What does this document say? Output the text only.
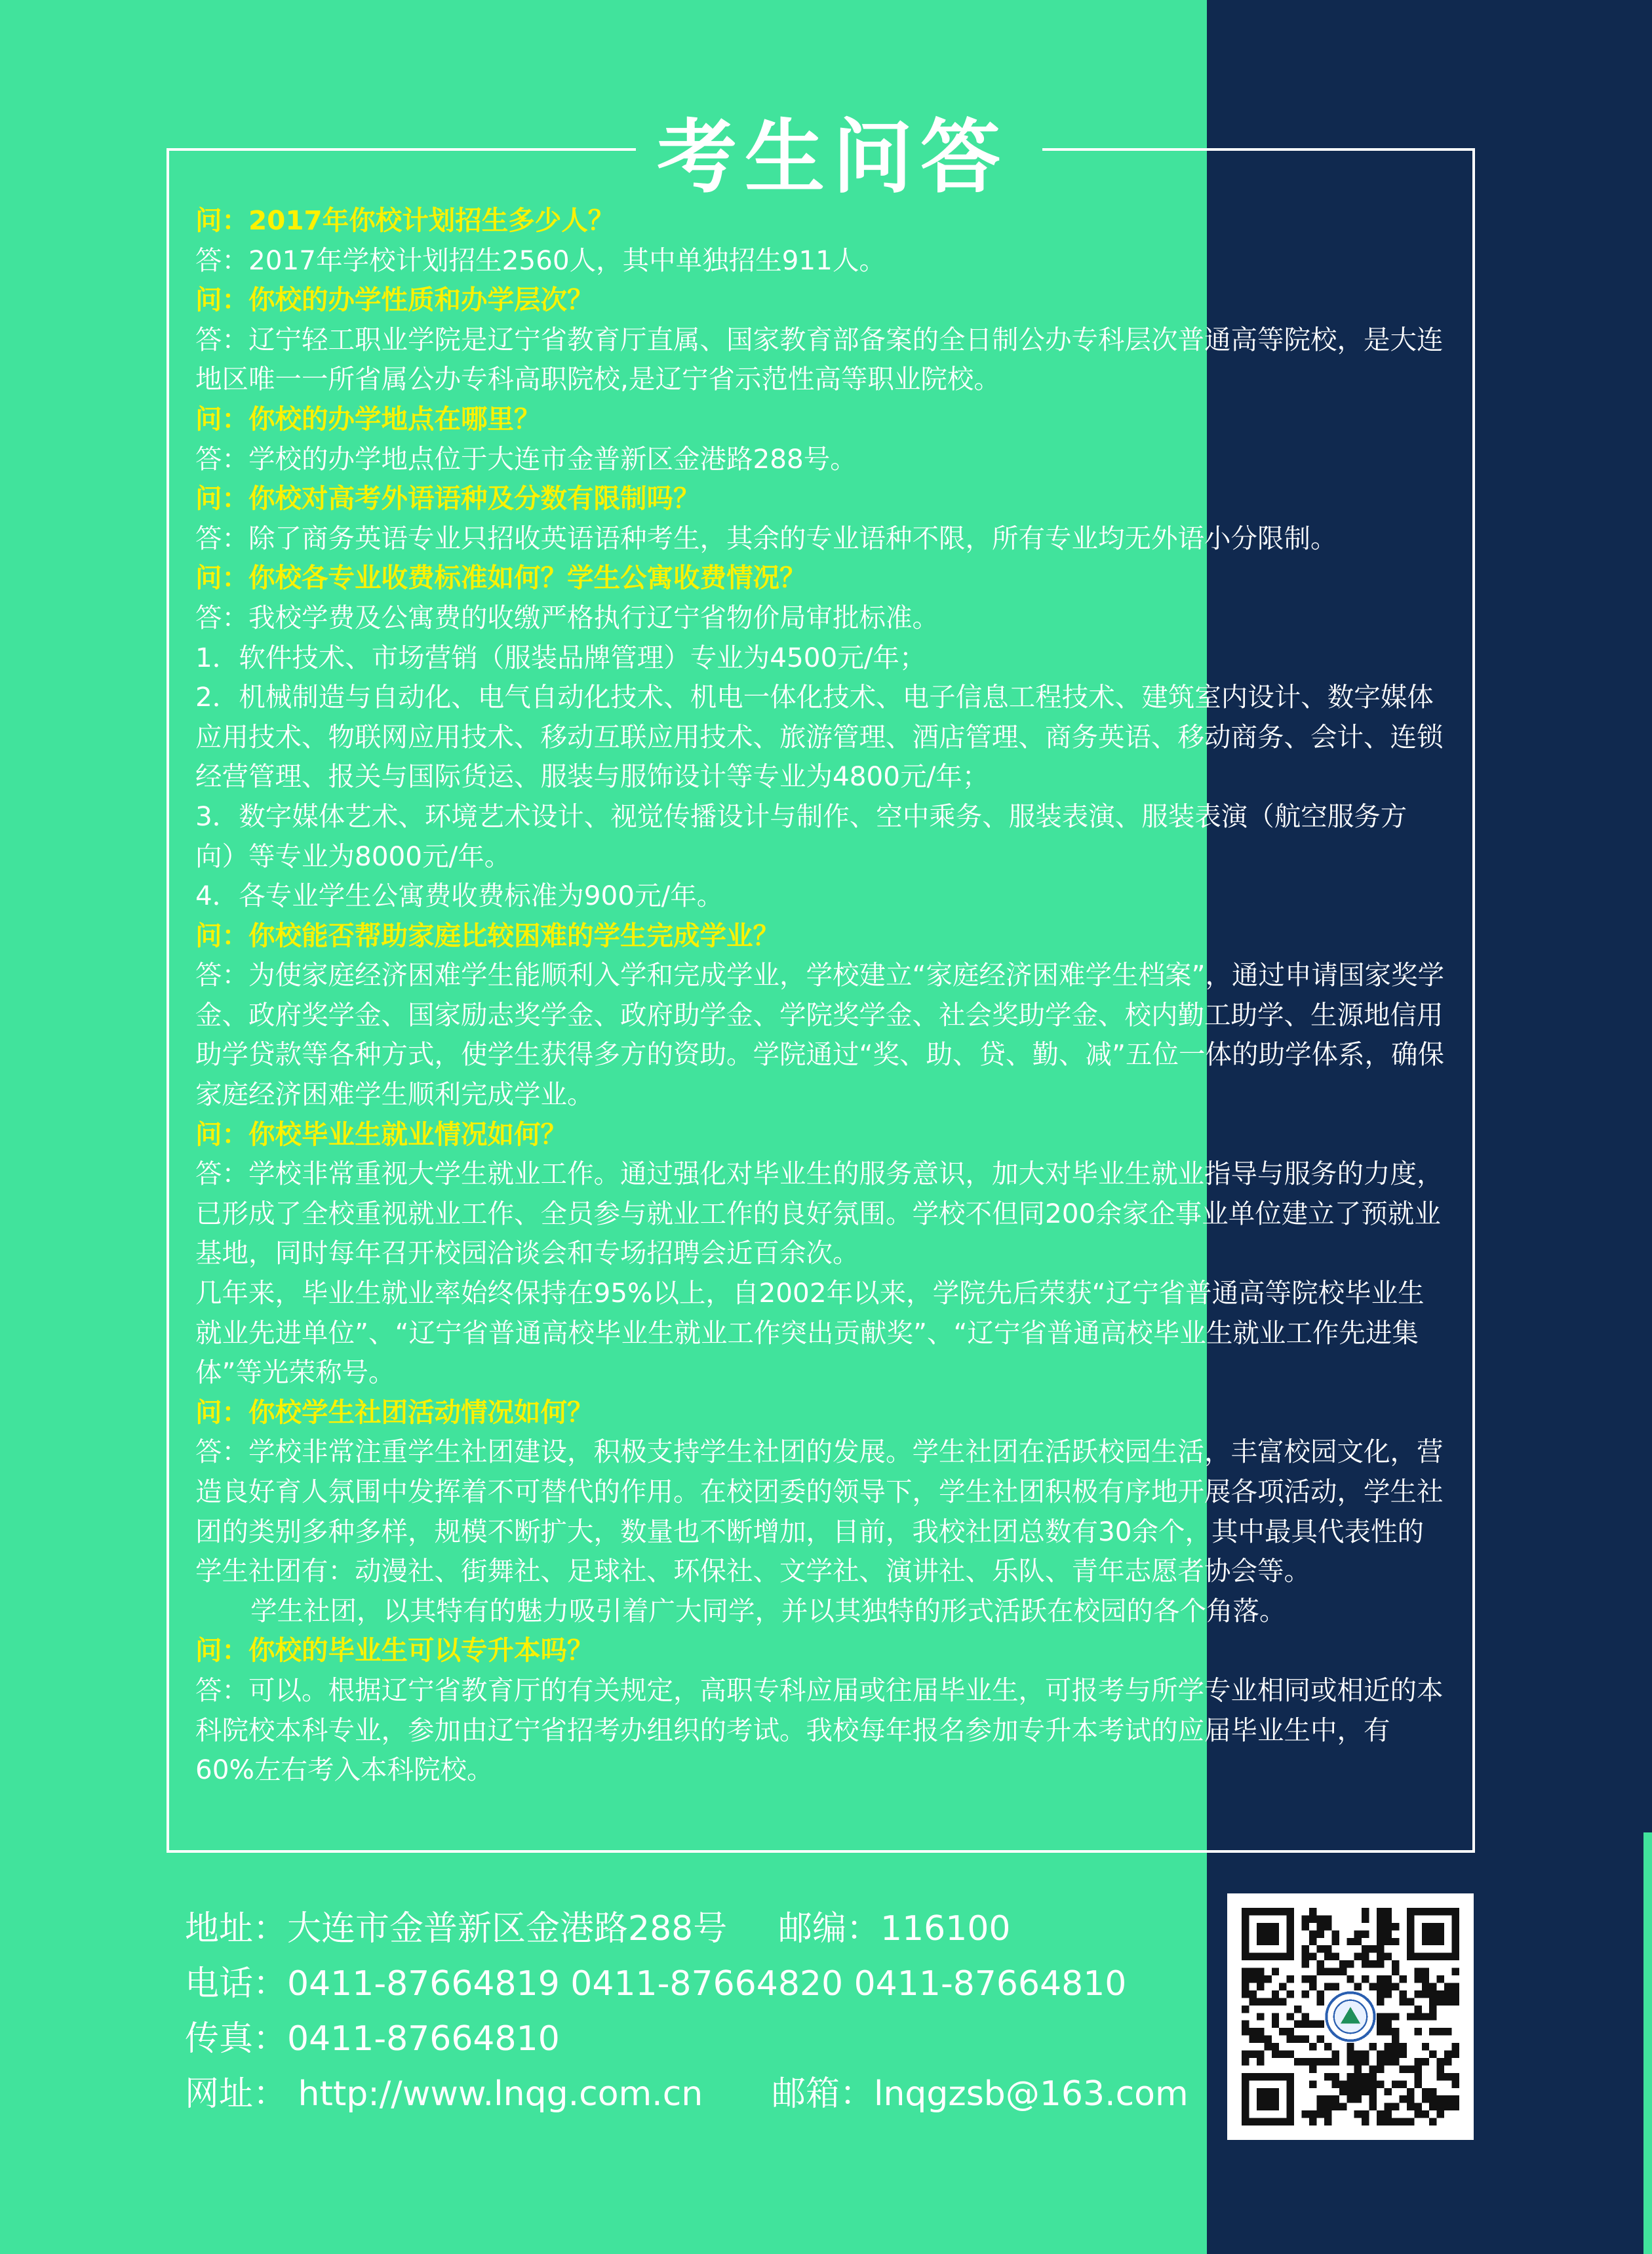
考生问答

问：2017年你校计划招生多少人？

答：2017年学校计划招生2560人，其中单独招生911人。

问：你校的办学性质和办学层次？

答：辽宁轻工职业学院是辽宁省教育厅直属、国家教育部备案的全日制公办专科层次普通高等院校，是大连地区唯一一所省属公办专科高职院校,是辽宁省示范性高等职业院校。

问：你校的办学地点在哪里？

答：学校的办学地点位于大连市金普新区金港路288号。

问：你校对高考外语语种及分数有限制吗？

答：除了商务英语专业只招收英语语种考生，其余的专业语种不限，所有专业均无外语小分限制。

问：你校各专业收费标准如何？学生公寓收费情况？

答：我校学费及公寓费的收缴严格执行辽宁省物价局审批标准。

1．软件技术、市场营销（服装品牌管理）专业为4500元/年；

2．机械制造与自动化、电气自动化技术、机电一体化技术、电子信息工程技术、建筑室内设计、数字媒体应用技术、物联网应用技术、移动互联应用技术、旅游管理、酒店管理、商务英语、移动商务、会计、连锁经营管理、报关与国际货运、服装与服饰设计等专业为4800元/年；

3．数字媒体艺术、环境艺术设计、视觉传播设计与制作、空中乘务、服装表演、服装表演（航空服务方向）等专业为8000元/年。

4．各专业学生公寓费收费标准为900元/年。

问：你校能否帮助家庭比较困难的学生完成学业？

答：为使家庭经济困难学生能顺利入学和完成学业，学校建立“家庭经济困难学生档案”，通过申请国家奖学金、政府奖学金、国家励志奖学金、政府助学金、学院奖学金、社会奖助学金、校内勤工助学、生源地信用助学贷款等各种方式，使学生获得多方的资助。学院通过“奖、助、贷、勤、减”五位一体的助学体系，确保家庭经济困难学生顺利完成学业。

问：你校毕业生就业情况如何？

答：学校非常重视大学生就业工作。通过强化对毕业生的服务意识，加大对毕业生就业指导与服务的力度，已形成了全校重视就业工作、全员参与就业工作的良好氛围。学校不但同200余家企事业单位建立了预就业基地，同时每年召开校园洽谈会和专场招聘会近百余次。

几年来，毕业生就业率始终保持在95%以上，自2002年以来，学院先后荣获“辽宁省普通高等院校毕业生就业先进单位”、“辽宁省普通高校毕业生就业工作突出贡献奖”、“辽宁省普通高校毕业生就业工作先进集体”等光荣称号。

问：你校学生社团活动情况如何？

答：学校非常注重学生社团建设，积极支持学生社团的发展。学生社团在活跃校园生活，丰富校园文化，营造良好育人氛围中发挥着不可替代的作用。在校团委的领导下，学生社团积极有序地开展各项活动，学生社团的类别多种多样，规模不断扩大，数量也不断增加，目前，我校社团总数有30余个，其中最具代表性的学生社团有：动漫社、街舞社、足球社、环保社、文学社、演讲社、乐队、青年志愿者协会等。

学生社团，以其特有的魅力吸引着广大同学，并以其独特的形式活跃在校园的各个角落。

问：你校的毕业生可以专升本吗？

答：可以。根据辽宁省教育厅的有关规定，高职专科应届或往届毕业生，可报考与所学专业相同或相近的本科院校本科专业，参加由辽宁省招考办组织的考试。我校每年报名参加专升本考试的应届毕业生中，有60%左右考入本科院校。

地址：大连市金普新区金港路288号 邮编：116100
电话：0411-87664819 0411-87664820 0411-87664810
传真：0411-87664810
网址： http://www.lnqg.com.cn 邮箱：lnqgzsb@163.com
